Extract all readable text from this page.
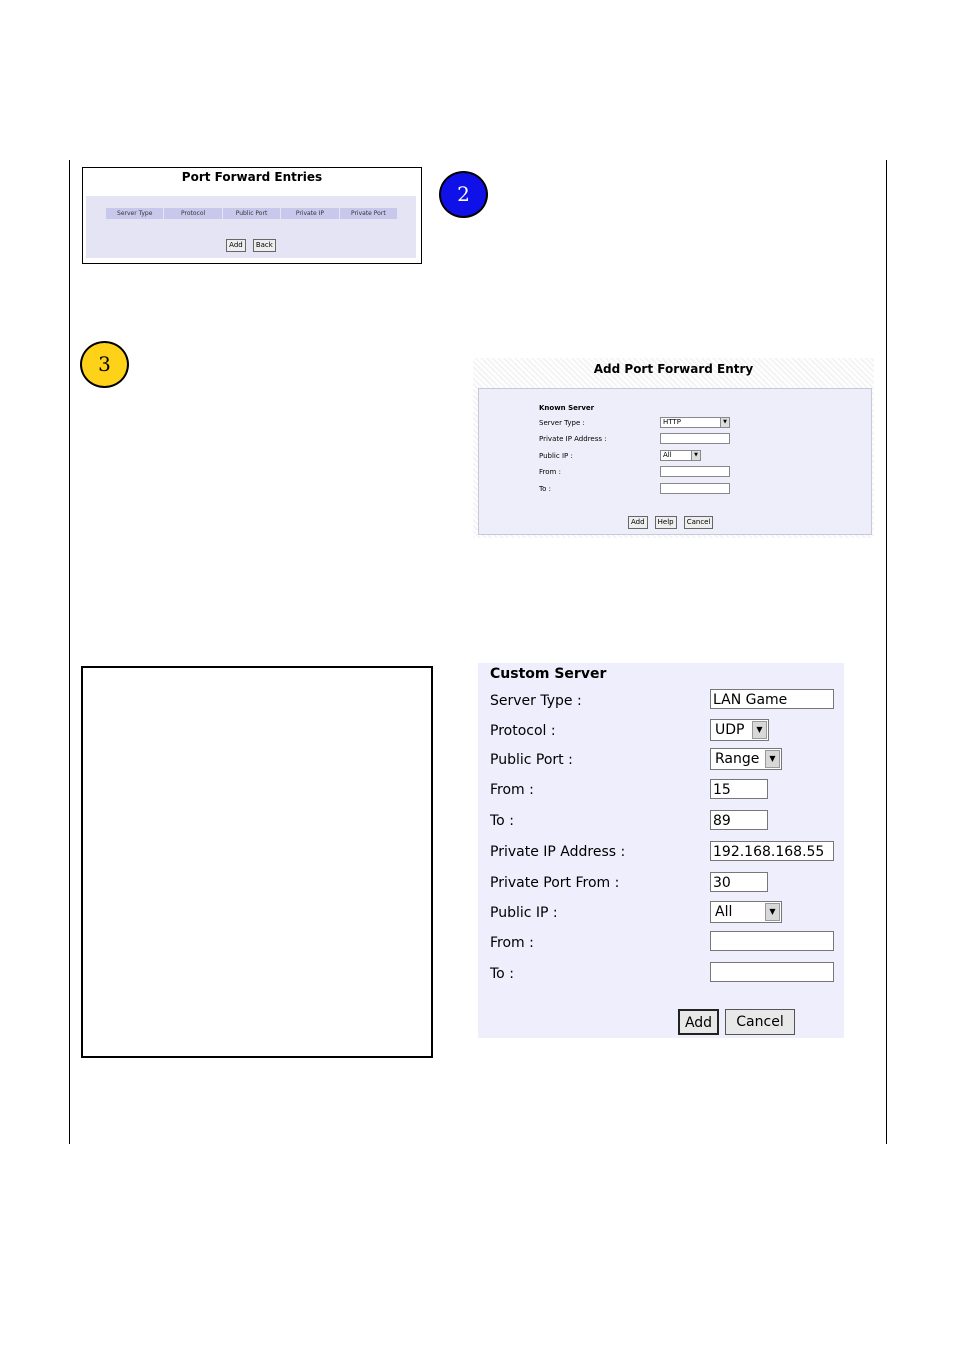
Port Forward Entries
Server Type	Protocol	Public Port	Private IP	Private Port
Add Back
2
3	Add Port Forward Entry
Known Server
Server Type :	HTTP	▼
Private IP Address :
Public IP :	All	▼
From :
To :
Add Help Cancel
Custom Server
Server Type :	LAN Game
Protocol :	UDP	▼
Public Port :	Range	▼
From :	15
To :	89
Private IP Address :	192.168.168.55
Private Port From :	30
Public IP :	All	▼
From :
To :
Add	Cancel
